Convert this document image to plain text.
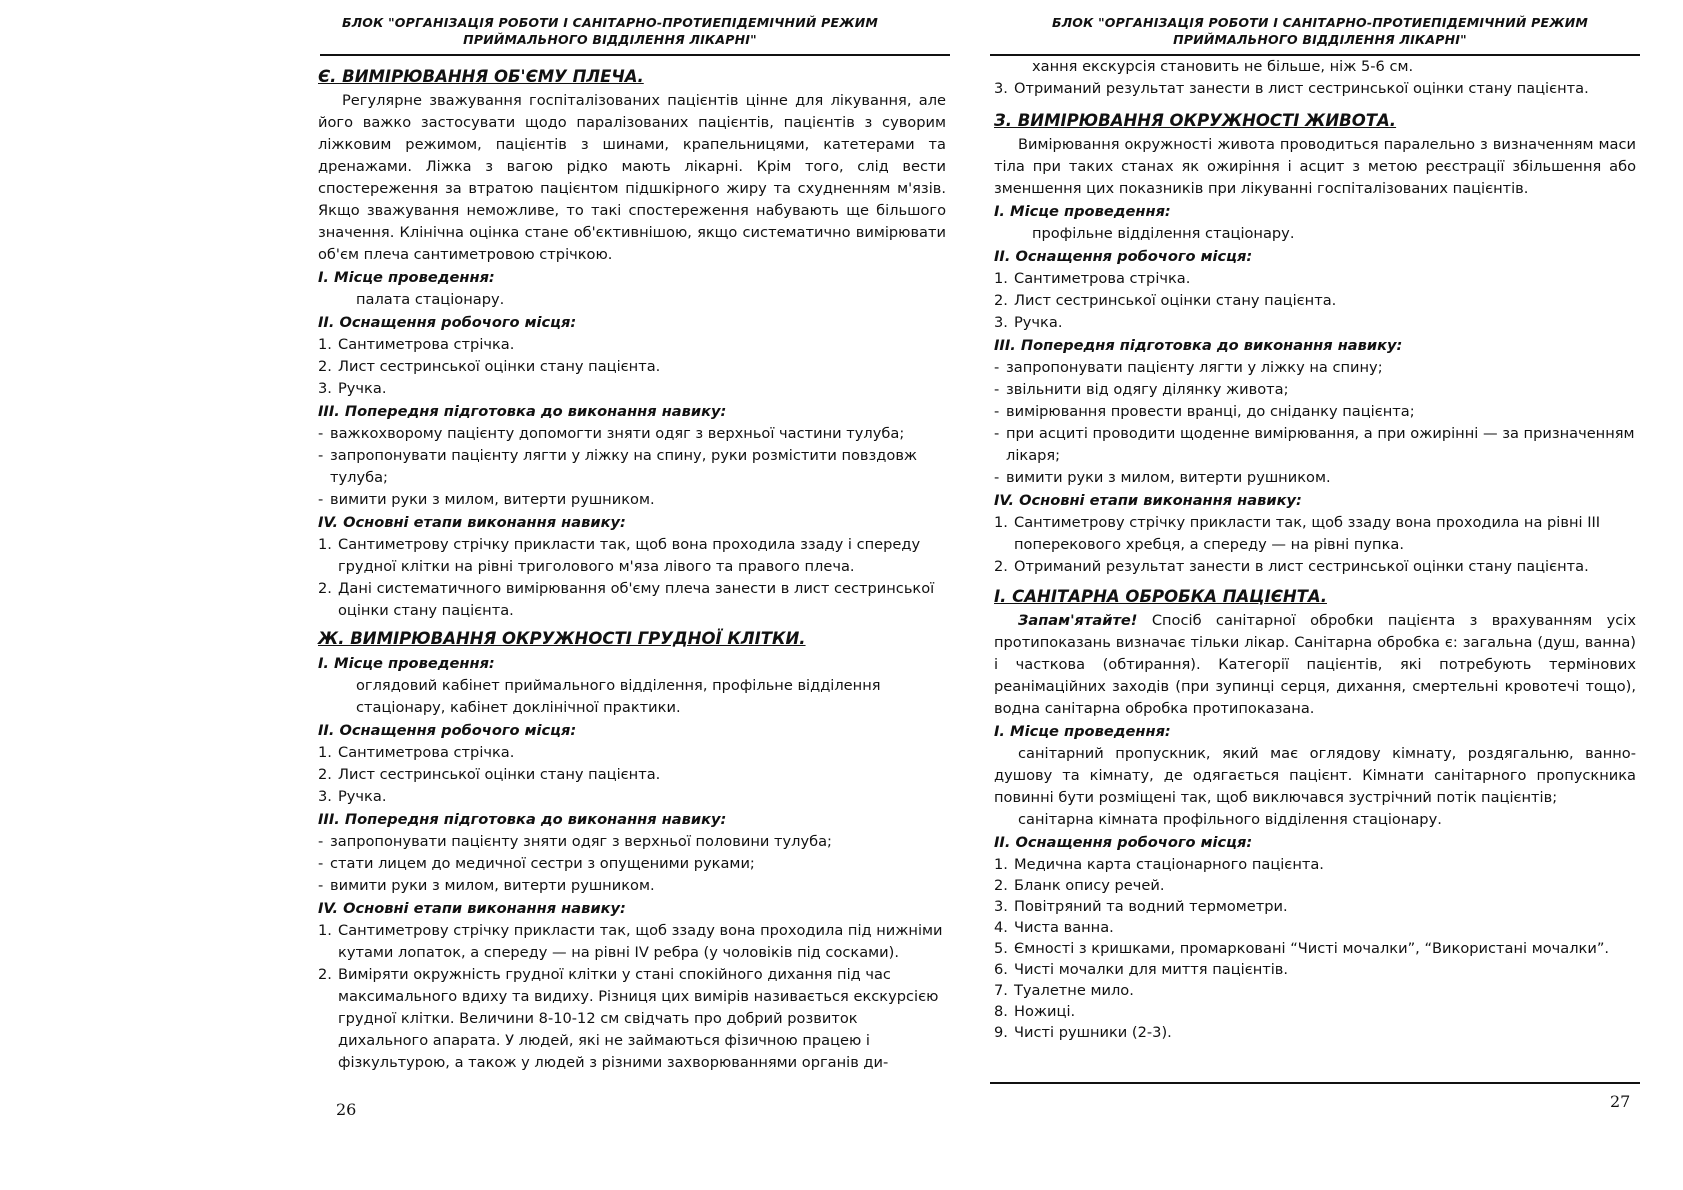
БЛОК "ОРГАНІЗАЦІЯ РОБОТИ І САНІТАРНО-ПРОТИЕПІДЕМІЧНИЙ РЕЖИМ
ПРИЙМАЛЬНОГО ВІДДІЛЕННЯ ЛІКАРНІ"
Є. ВИМІРЮВАННЯ ОБ'ЄМУ ПЛЕЧА.

Регулярне зважування госпіталізованих пацієнтів цінне для лікування, але його важко застосувати щодо паралізованих пацієнтів, пацієнтів з суворим ліжковим режимом, пацієнтів з шинами, крапельницями, катетерами та дренажами. Ліжка з вагою рідко мають лікарні. Крім того, слід вести спостереження за втратою пацієнтом підшкірного жиру та схудненням м'язів. Якщо зважування неможливе, то такі спостереження набувають ще більшого значення. Клінічна оцінка стане об'єктивнішою, якщо систематично вимірювати об'єм плеча сантиметровою стрічкою.

І. Місце проведення:
палата стаціонару.
ІІ. Оснащення робочого місця:
1. Сантиметрова стрічка.
2. Лист сестринської оцінки стану пацієнта.
3. Ручка.
ІІІ. Попередня підготовка до виконання навику:
- важкохворому пацієнту допомогти зняти одяг з верхньої частини тулуба;
- запропонувати пацієнту лягти у ліжку на спину, руки розмістити повздовж тулуба;
- вимити руки з милом, витерти рушником.
IV. Основні етапи виконання навику:
1. Сантиметрову стрічку прикласти так, щоб вона проходила ззаду і спереду грудної клітки на рівні триголового м'яза лівого та правого плеча.
2. Дані систематичного вимірювання об'єму плеча занести в лист сестринської оцінки стану пацієнта.
Ж. ВИМІРЮВАННЯ ОКРУЖНОСТІ ГРУДНОЇ КЛІТКИ.
І. Місце проведення:
оглядовий кабінет приймального відділення, профільне відділення стаціонару, кабінет доклінічної практики.
ІІ. Оснащення робочого місця:
1. Сантиметрова стрічка.
2. Лист сестринської оцінки стану пацієнта.
3. Ручка.
ІІІ. Попередня підготовка до виконання навику:
- запропонувати пацієнту зняти одяг з верхньої половини тулуба;
- стати лицем до медичної сестри з опущеними руками;
- вимити руки з милом, витерти рушником.
IV. Основні етапи виконання навику:
1. Сантиметрову стрічку прикласти так, щоб ззаду вона проходила під нижніми кутами лопаток, а спереду — на рівні IV ребра (у чоловіків під сосками).
2. Виміряти окружність грудної клітки у стані спокійного дихання під час максимального вдиху та видиху. Різниця цих вимірів називається екскурсією грудної клітки. Величини 8-10-12 см свідчать про добрий розвиток дихального апарата. У людей, які не займаються фізичною працею і фізкультурою, а також у людей з різними захворюваннями органів ди-
26
БЛОК "ОРГАНІЗАЦІЯ РОБОТИ І САНІТАРНО-ПРОТИЕПІДЕМІЧНИЙ РЕЖИМ
ПРИЙМАЛЬНОГО ВІДДІЛЕННЯ ЛІКАРНІ"
хання екскурсія становить не більше, ніж 5-6 см.
3. Отриманий результат занести в лист сестринської оцінки стану пацієнта.
З. ВИМІРЮВАННЯ ОКРУЖНОСТІ ЖИВОТА.

Вимірювання окружності живота проводиться паралельно з визначенням маси тіла при таких станах як ожиріння і асцит з метою реєстрації збільшення або зменшення цих показників при лікуванні госпіталізованих пацієнтів.

І. Місце проведення:
профільне відділення стаціонару.
ІІ. Оснащення робочого місця:
1. Сантиметрова стрічка.
2. Лист сестринської оцінки стану пацієнта.
3. Ручка.
ІІІ. Попередня підготовка до виконання навику:
- запропонувати пацієнту лягти у ліжку на спину;
- звільнити від одягу ділянку живота;
- вимірювання провести вранці, до сніданку пацієнта;
- при асциті проводити щоденне вимірювання, а при ожирінні — за призначенням лікаря;
- вимити руки з милом, витерти рушником.
IV. Основні етапи виконання навику:
1. Сантиметрову стрічку прикласти так, щоб ззаду вона проходила на рівні ІІІ поперекового хребця, а спереду — на рівні пупка.
2. Отриманий результат занести в лист сестринської оцінки стану пацієнта.
І. САНІТАРНА ОБРОБКА ПАЦІЄНТА.

Запам'ятайте! Спосіб санітарної обробки пацієнта з врахуванням усіх протипоказань визначає тільки лікар. Санітарна обробка є: загальна (душ, ванна) і часткова (обтирання). Категорії пацієнтів, які потребують термінових реанімаційних заходів (при зупинці серця, дихання, смертельні кровотечі тощо), водна санітарна обробка протипоказана.

І. Місце проведення:

санітарний пропускник, який має оглядову кімнату, роздягальню, ванно-душову та кімнату, де одягається пацієнт. Кімнати санітарного пропускника повинні бути розміщені так, щоб виключався зустрічний потік пацієнтів;

санітарна кімната профільного відділення стаціонару.

ІІ. Оснащення робочого місця:
1. Медична карта стаціонарного пацієнта.
2. Бланк опису речей.
3. Повітряний та водний термометри.
4. Чиста ванна.
5. Ємності з кришками, промарковані “Чисті мочалки”, “Використані мочалки”.
6. Чисті мочалки для миття пацієнтів.
7. Туалетне мило.
8. Ножиці.
9. Чисті рушники (2-3).
27
